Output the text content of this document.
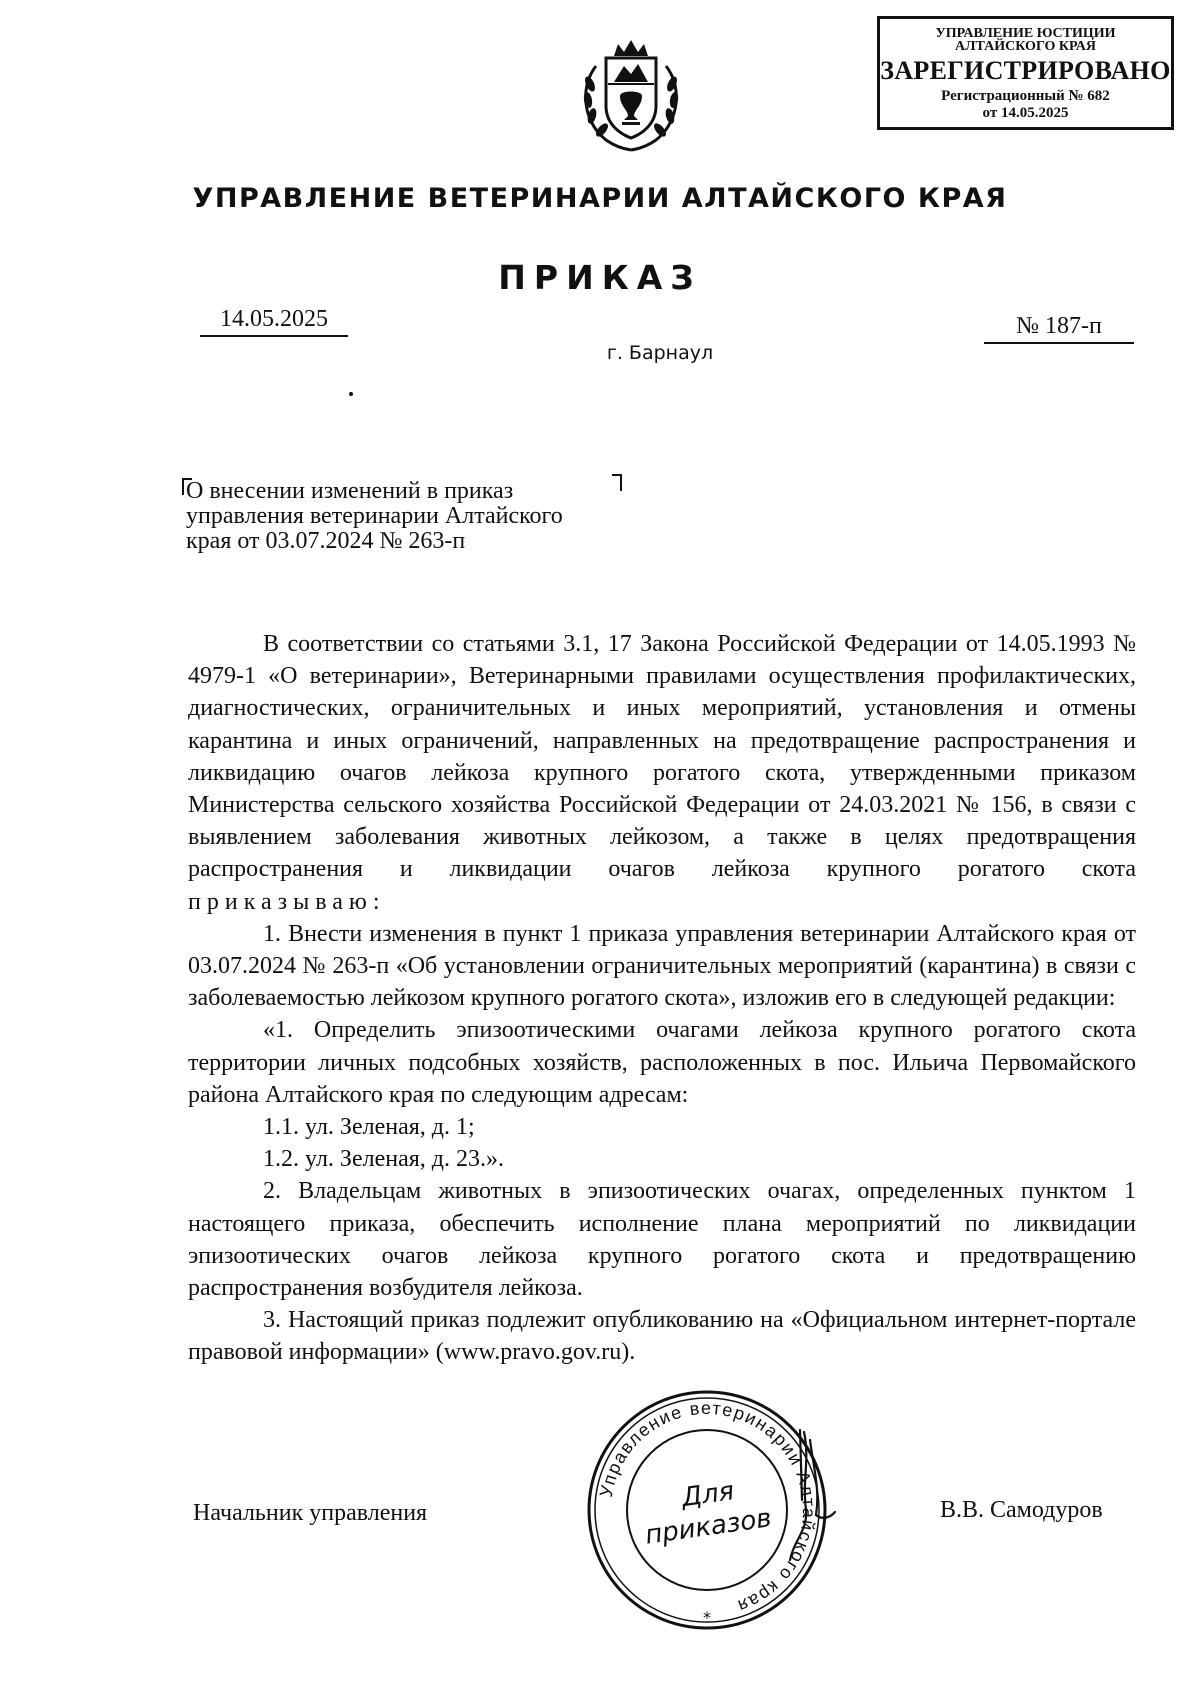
УПРАВЛЕНИЕ ЮСТИЦИИ
АЛТАЙСКОГО КРАЯ
ЗАРЕГИСТРИРОВАНО
Регистрационный № 682
от 14.05.2025
УПРАВЛЕНИЕ ВЕТЕРИНАРИИ АЛТАЙСКОГО КРАЯ
ПРИКАЗ
14.05.2025	№ 187-п
г. Барнаул
О внесении изменений в приказ
управления ветеринарии Алтайского
края от 03.07.2024 № 263-п

В соответствии со статьями 3.1, 17 Закона Российской Федерации от 14.05.1993 № 4979-1 «О ветеринарии», Ветеринарными правилами осуществления профилактических, диагностических, ограничительных и иных мероприятий, установления и отмены карантина и иных ограничений, направленных на предотвращение распространения и ликвидацию очагов лейкоза крупного рогатого скота, утвержденными приказом Министерства сельского хозяйства Российской Федерации от 24.03.2021 № 156, в связи с выявлением заболевания животных лейкозом, а также в целях предотвращения распространения и ликвидации очагов лейкоза крупного рогатого скота

приказываю:

1. Внести изменения в пункт 1 приказа управления ветеринарии Алтайского края от 03.07.2024 № 263-п «Об установлении ограничительных мероприятий (карантина) в связи с заболеваемостью лейкозом крупного рогатого скота», изложив его в следующей редакции:

«1. Определить эпизоотическими очагами лейкоза крупного рогатого скота территории личных подсобных хозяйств, расположенных в пос. Ильича Первомайского района Алтайского края по следующим адресам:

1.1. ул. Зеленая, д. 1;

1.2. ул. Зеленая, д. 23.».

2. Владельцам животных в эпизоотических очагах, определенных пунктом 1 настоящего приказа, обеспечить исполнение плана мероприятий по ликвидации эпизоотических очагов лейкоза крупного рогатого скота и предотвращению распространения возбудителя лейкоза.

3. Настоящий приказ подлежит опубликованию на «Официальном интернет-портале правовой информации» (www.pravo.gov.ru).

Начальник управления	В.В. Самодуров
Управление ветеринарии Алтайского края
Для
приказов
*
